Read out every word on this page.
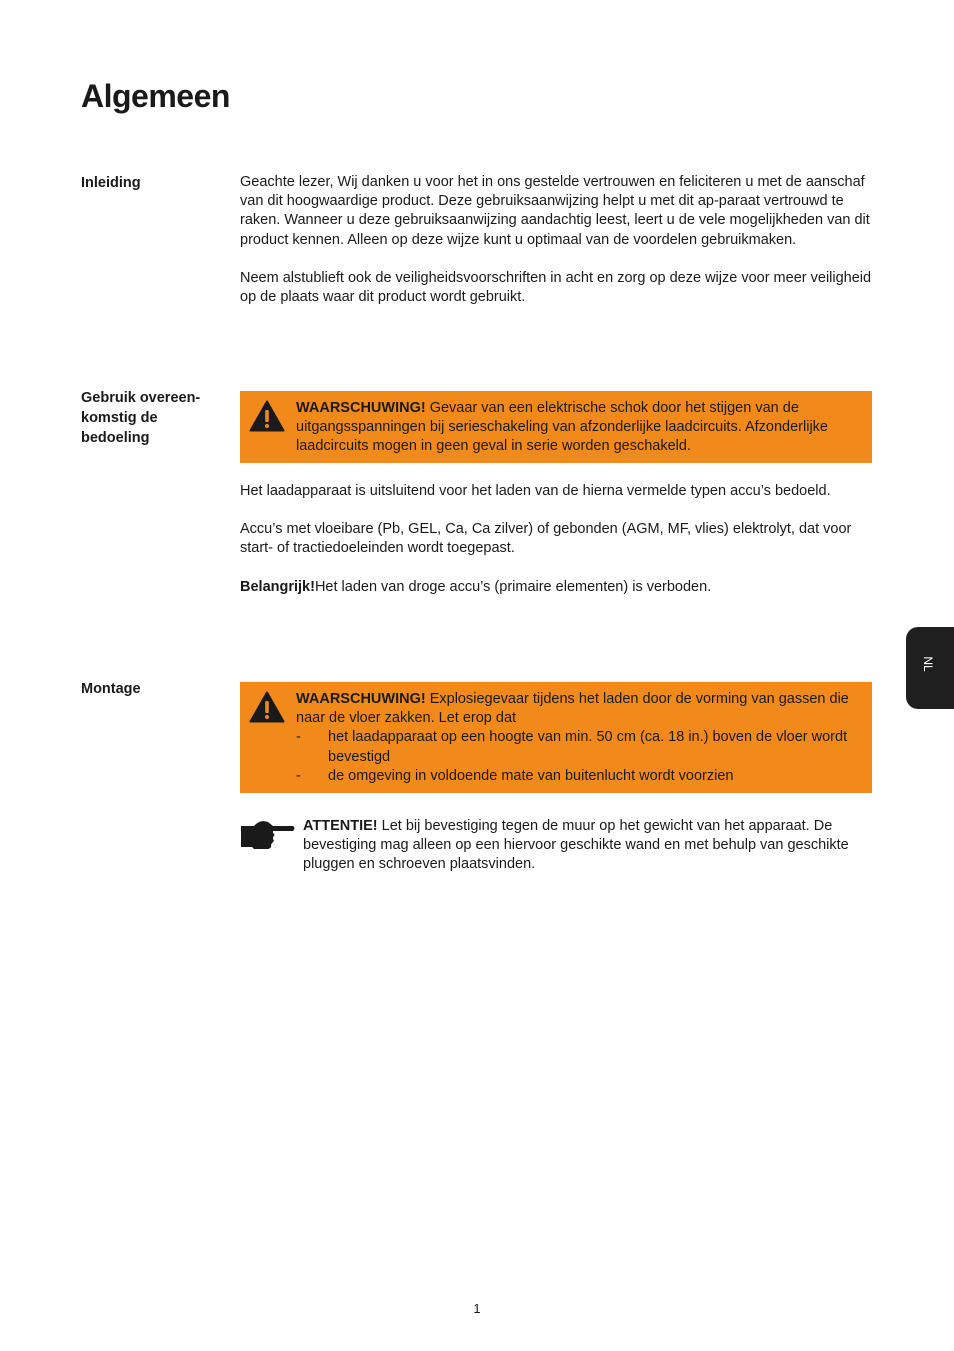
Algemeen
Inleiding	Geachte lezer, Wij danken u voor het in ons gestelde vertrouwen en feliciteren u met de aanschaf van dit hoogwaardige product. Deze gebruiksaanwijzing helpt u met dit ap-paraat vertrouwd te raken. Wanneer u deze gebruiksaanwijzing aandachtig leest, leert u de vele mogelijkheden van dit product kennen. Alleen op deze wijze kunt u optimaal van de voordelen gebruikmaken.

Neem alstublieft ook de veiligheidsvoorschriften in acht en zorg op deze wijze voor meer veiligheid op de plaats waar dit product wordt gebruikt.

Gebruik overeen-komstig de bedoeling
WAARSCHUWING! Gevaar van een elektrische schok door het stijgen van de uitgangsspanningen bij serieschakeling van afzonderlijke laadcircuits. Afzonderlijke laadcircuits mogen in geen geval in serie worden geschakeld.

Het laadapparaat is uitsluitend voor het laden van de hierna vermelde typen accu’s bedoeld.

Accu’s met vloeibare (Pb, GEL, Ca, Ca zilver) of gebonden (AGM, MF, vlies) elektrolyt, dat voor start- of tractiedoeleinden wordt toegepast.

Belangrijk!Het laden van droge accu’s (primaire elementen) is verboden.

Montage
WAARSCHUWING! Explosiegevaar tijdens het laden door de vorming van gassen die naar de vloer zakken. Let erop dat
- het laadapparaat op een hoogte van min. 50 cm (ca. 18 in.) boven de vloer wordt bevestigd
- de omgeving in voldoende mate van buitenlucht wordt voorzien
ATTENTIE! Let bij bevestiging tegen de muur op het gewicht van het apparaat. De bevestiging mag alleen op een hiervoor geschikte wand en met behulp van geschikte pluggen en schroeven plaatsvinden.
NL
1
